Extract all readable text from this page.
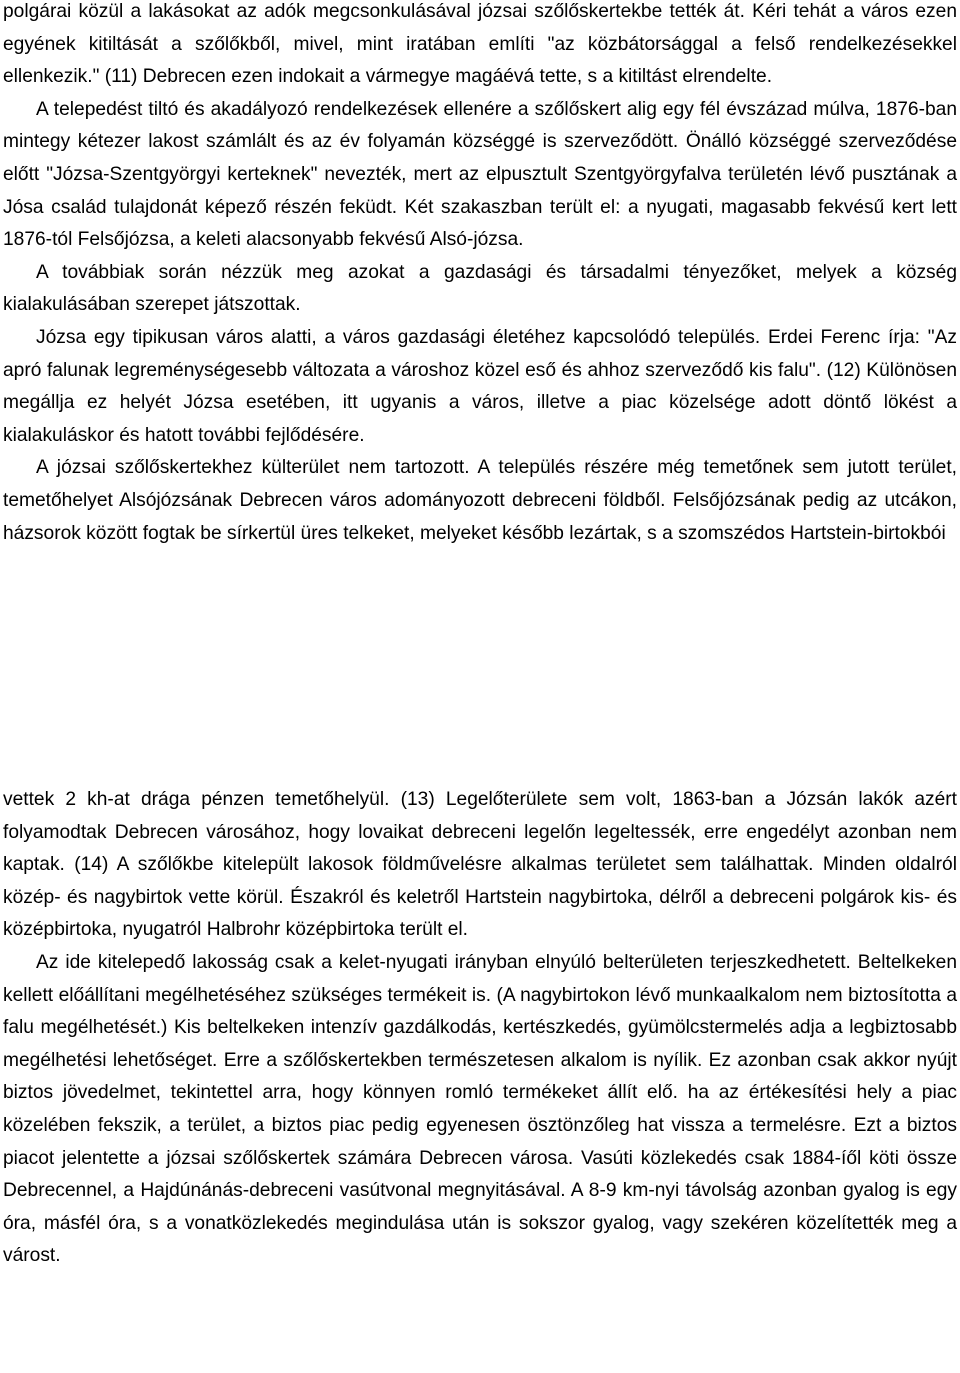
polgárai közül a lakásokat az adók megcsonkulásával józsai szőlőskertekbe tették át. Kéri tehát a város ezen egyének kitiltását a szőlőkből, mivel, mint iratában említi "az közbátorsággal a felső rendelkezésekkel ellenkezik." (11) Debrecen ezen indokait a vármegye magáévá tette, s a kitiltást elrendelte.

A telepedést tiltó és akadályozó rendelkezések ellenére a szőlőskert alig egy fél évszázad múlva, 1876-ban mintegy kétezer lakost számlált és az év folyamán községgé is szerveződött. Önálló községgé szerveződése előtt "Józsa-Szentgyörgyi kerteknek" nevezték, mert az elpusztult Szentgyörgyfalva területén lévő pusztának a Jósa család tulajdonát képező részén feküdt. Két szakaszban terült el: a nyugati, magasabb fekvésű kert lett 1876-tól Felsőjózsa, a keleti alacsonyabb fekvésű Alsó-józsa.

A továbbiak során nézzük meg azokat a gazdasági és társadalmi tényezőket, melyek a község kialakulásában szerepet játszottak.

Józsa egy tipikusan város alatti, a város gazdasági életéhez kapcsolódó település. Erdei Ferenc írja: "Az apró falunak legreménységesebb változata a városhoz közel eső és ahhoz szerveződő kis falu". (12) Különösen megállja ez helyét Józsa esetében, itt ugyanis a város, illetve a piac közelsége adott döntő lökést a kialakuláskor és hatott további fejlődésére.

A józsai szőlőskertekhez külterület nem tartozott. A település részére még temetőnek sem jutott terület, temetőhelyet Alsójózsának Debrecen város adományozott debreceni földből. Felsőjózsának pedig az utcákon, házsorok között fogtak be sírkertül üres telkeket, melyeket később lezártak, s a szomszédos Hartstein-birtokbói

vettek 2 kh-at drága pénzen temetőhelyül. (13) Legelőterülete sem volt, 1863-ban a Józsán lakók azért folyamodtak Debrecen városához, hogy lovaikat debreceni legelőn legeltessék, erre engedélyt azonban nem kaptak. (14) A szőlőkbe kitelepült lakosok földművelésre alkalmas területet sem találhattak. Minden oldalról közép- és nagybirtok vette körül. Északról és keletről Hartstein nagybirtoka, délről a debreceni polgárok kis- és középbirtoka, nyugatról Halbrohr középbirtoka terült el.

Az ide kitelepedő lakosság csak a kelet-nyugati irányban elnyúló belterületen terjeszkedhetett. Beltelkeken kellett előállítani megélhetéséhez szükséges termékeit is. (A nagybirtokon lévő munkaalkalom nem biztosította a falu megélhetését.) Kis beltelkeken intenzív gazdálkodás, kertészkedés, gyümölcstermelés adja a legbiztosabb megélhetési lehetőséget. Erre a szőlőskertekben természetesen alkalom is nyílik. Ez azonban csak akkor nyújt biztos jövedelmet, tekintettel arra, hogy könnyen romló termékeket állít elő. ha az értékesítési hely a piac közelében fekszik, a terület, a biztos piac pedig egyenesen ösztönzőleg hat vissza a termelésre. Ezt a biztos piacot jelentette a józsai szőlőskertek számára Debrecen városa. Vasúti közlekedés csak 1884-íől köti össze Debrecennel, a Hajdúnánás-debreceni vasútvonal megnyitásával. A 8-9 km-nyi távolság azonban gyalog is egy óra, másfél óra, s a vonatközlekedés megindulása után is sokszor gyalog, vagy szekéren közelítették meg a várost.
